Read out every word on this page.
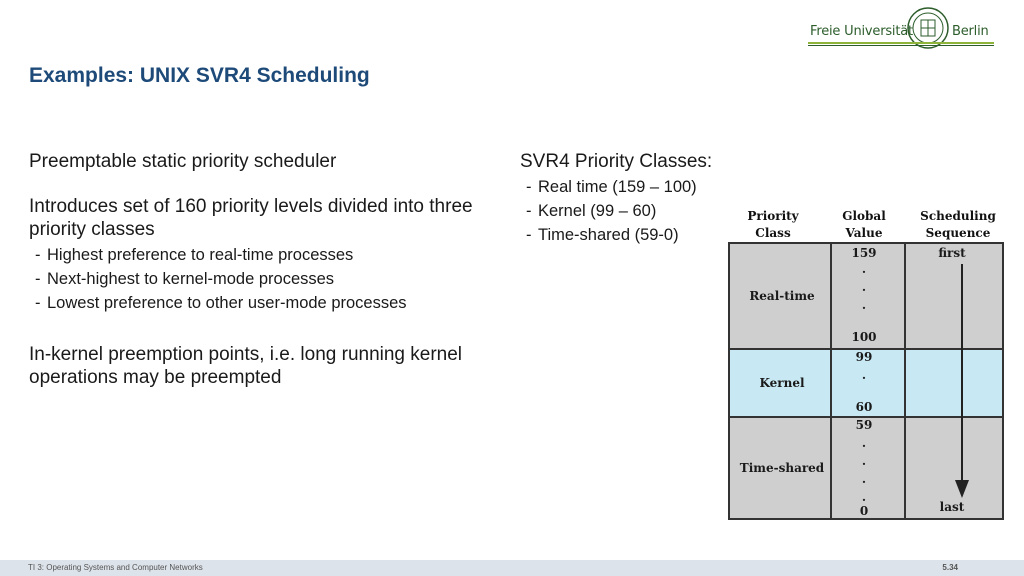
Freie Universität	Berlin
Examples: UNIX SVR4 Scheduling

Preemptable static priority scheduler

Introduces set of 160 priority levels divided into three priority classes

- Highest preference to real-time processes
- Next-highest to kernel-mode processes
- Lowest preference to other user-mode processes

In-kernel preemption points, i.e. long running kernel operations may be preempted

SVR4 Priority Classes:

- Real time (159 – 100)
- Kernel (99 – 60)
- Time-shared (59-0)
Priority
Class
Global
Value
Scheduling
Sequence
Real-time
Kernel
Time-shared
159
.
.
.
100
99
.
60
59
.
.
.
.
0
first
last
TI 3: Operating Systems and Computer Networks	5.34
